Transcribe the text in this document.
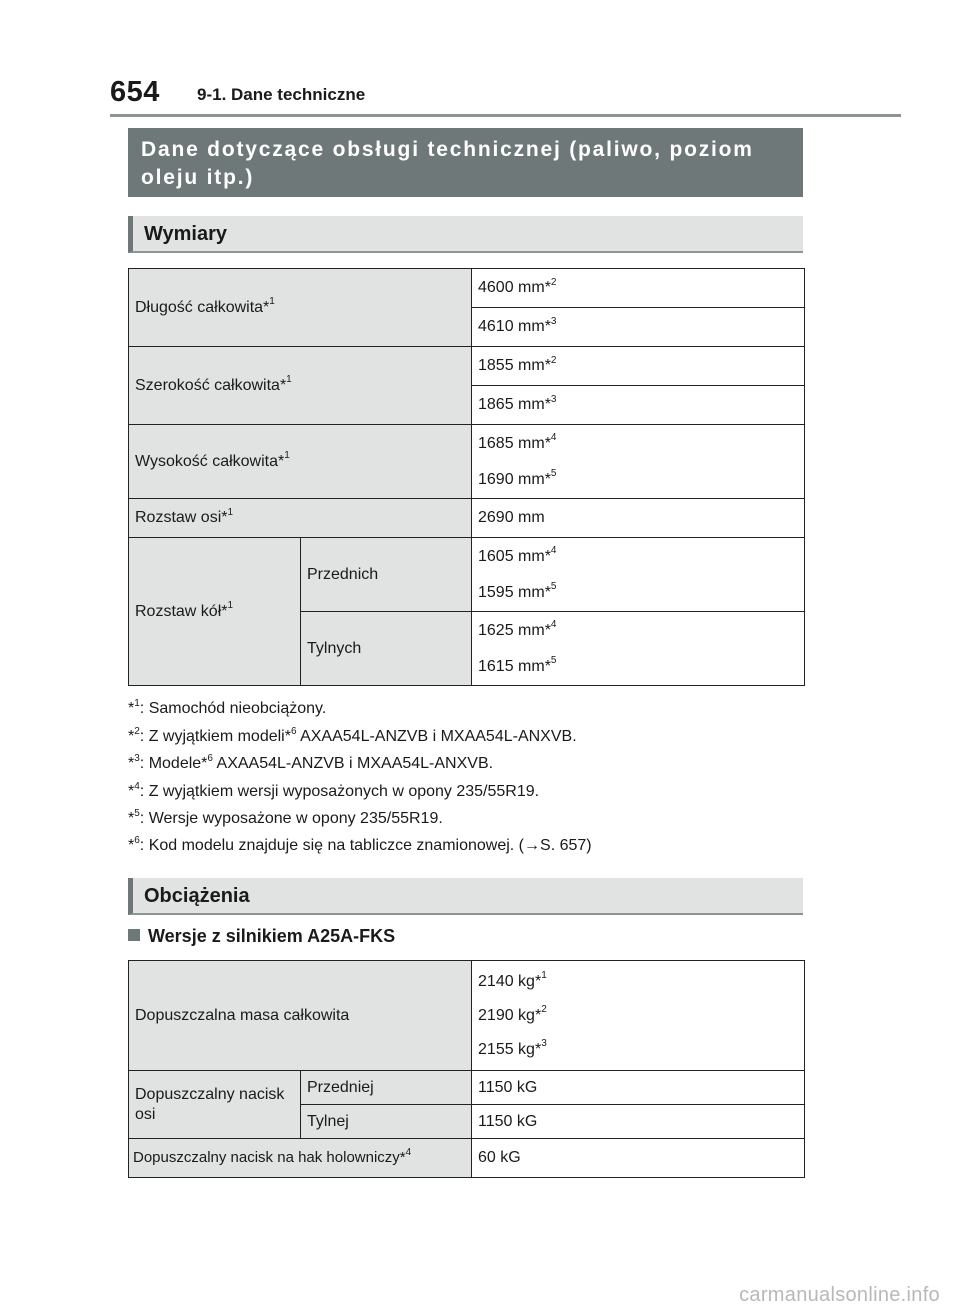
654 9-1. Dane techniczne
Dane dotyczące obsługi technicznej (paliwo, poziom oleju itp.)
Wymiary
Długość całkowita*$^1$		4600 mm*$^2$
		4610 mm*$^3$
Szerokość całkowita*$^1$		1855 mm*$^2$
		1865 mm*$^3$
Wysokość całkowita*$^1$		1685 mm*$^4$
1690 mm*$^5$

Rozstaw osi*$^1$		2690 mm
Rozstaw kół*$^1$	Przednich	1605 mm*$^4$
1595 mm*$^5$

	Tylnych	1625 mm*$^4$
1615 mm*$^5$
*$^1$: Samochód nieobciążony.
*$^2$: Z wyjątkiem modeli*$^6$ AXAA54L-ANZVB i MXAA54L-ANXVB.
*$^3$: Modele*$^6$ AXAA54L-ANZVB i MXAA54L-ANXVB.
*$^4$: Z wyjątkiem wersji wyposażonych w opony 235/55R19.
*$^5$: Wersje wyposażone w opony 235/55R19.
*$^6$: Kod modelu znajduje się na tabliczce znamionowej. (→S. 657)
Obciążenia
Wersje z silnikiem A25A-FKS
Dopuszczalna masa całkowita		2140 kg*$^1$
2190 kg*$^2$
2155 kg*$^3$

Dopuszczalny nacisk osi	Przedniej	1150 kG
	Tylnej	1150 kG
Dopuszczalny nacisk na hak holowniczy*$^4$		60 kG
carmanualsonline.info
